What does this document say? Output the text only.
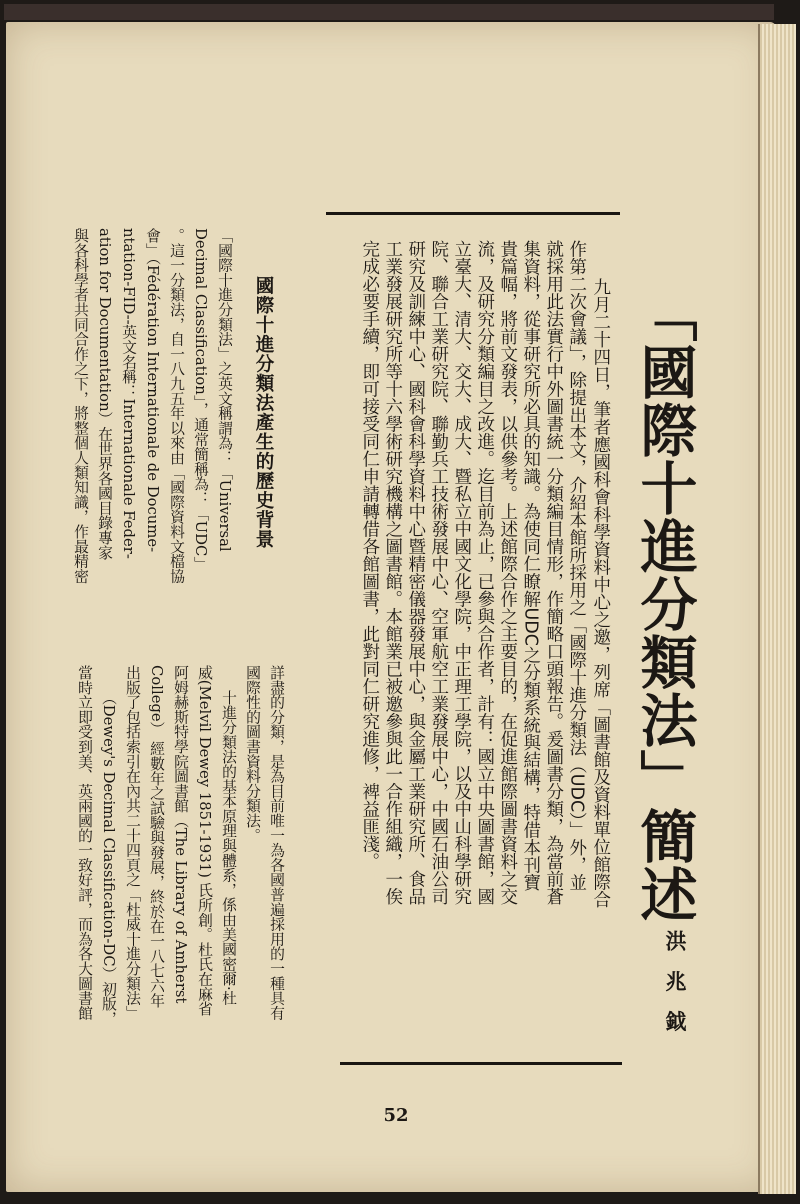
「國際十進分類法」簡述
洪 兆 鉞
九月二十四日，筆者應國科會科學資料中心之邀，列席「圖書館及資料單位館際合
作第二次會議」，除提出本文，介紹本館所採用之「國際十進分類法（UDC）」外，並
就採用此法實行中外圖書統一分類編目情形，作簡略口頭報告。爰圖書分類，為當前蒼
集資料，從事研究所必具的知識。為使同仁瞭解UDC之分類系統與結構，特借本刊寶
貴篇幅，將前文發表，以供參考。上述館際合作之主要目的，在促進館際圖書資料之交
流，及研究分類編目之改進。迄目前為止，已參與合作者，計有：國立中央圖書館，國
立臺大、清大、交大、成大、暨私立中國文化學院，中正理工學院，以及中山科學研究
院、聯合工業研究院、聯勤兵工技術發展中心、空軍航空工業發展中心，中國石油公司
研究及訓練中心、國科會科學資料中心暨精密儀器發展中心，與金屬工業研究所、食品
工業發展研究所等十六學術研究機構之圖書館。本館業已被邀參與此一合作組織，一俟
完成必要手續，即可接受同仁申請轉借各館圖書，此對同仁研究進修，裨益匪淺。
國際十進分類法產生的歷史背景
「國際十進分類法」之英文稱謂為：「Universal
Decimal Classification」，通常簡稱為：「UDC」
。這一分類法，自一八九五年以來由「國際資料文檔協
會」（Fédération Internationale de Docume-
ntation-FID--英文名稱：Internationale Feder-
ation for Documentation）在世界各國目錄專家
與各科學者共同合作之下，將整個人類知識，作最精密
詳盡的分類，是為目前唯一為各國普遍採用的一種具有
國際性的圖書資料分類法。
十進分類法的基本原理與體系，係由美國密爾·杜
威(Melvil Dewey 1851-1931) 氏所創。杜氏在麻省
阿姆赫斯特學院圖書館（The Library of Amherst
College） 經數年之試驗與發展，終於在一八七六年
出版了包括索引在內共二十四頁之「杜威十進分類法」
（Dewey's Decimal Classification-DC）初版，
當時立即受到美、英兩國的一致好評，而為各大圖書館
52
